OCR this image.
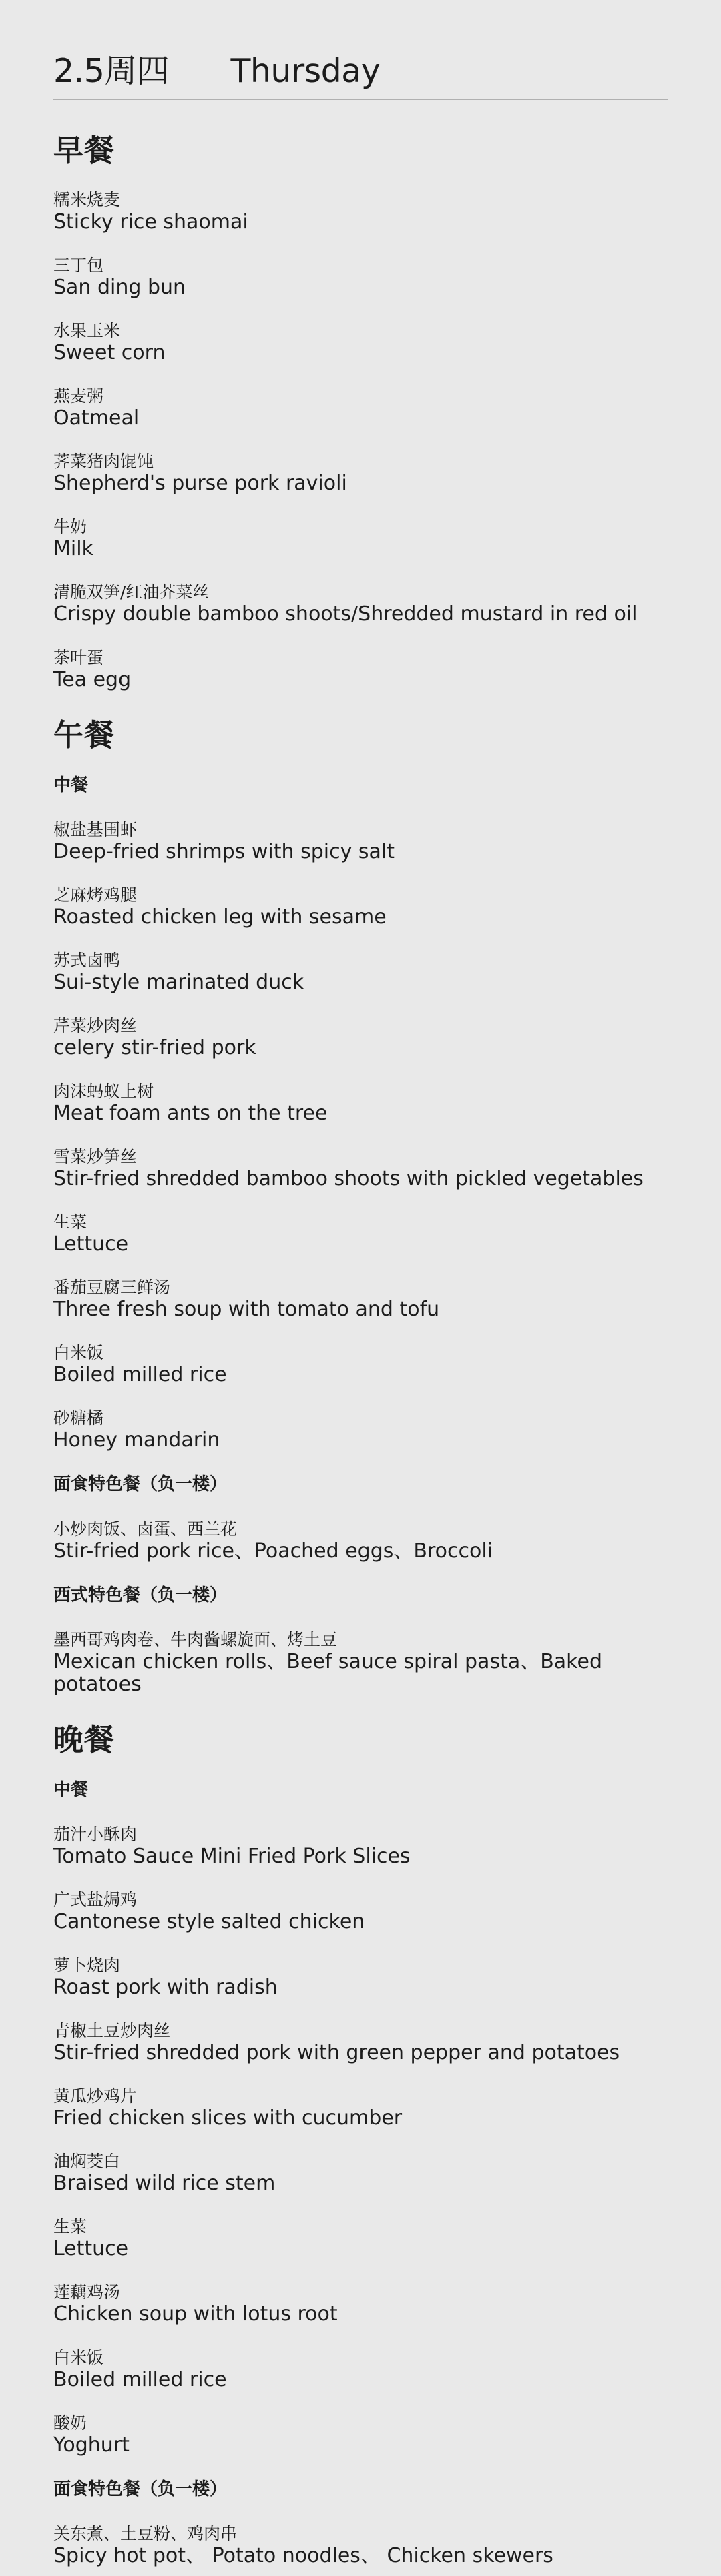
2.5周四 Thursday
早餐
糯米烧麦
Sticky rice shaomai
三丁包
San ding bun
水果玉米
Sweet corn
燕麦粥
Oatmeal
荠菜猪肉馄饨
Shepherd's purse pork ravioli
牛奶
Milk
清脆双笋/红油芥菜丝
Crispy double bamboo shoots/Shredded mustard in red oil
茶叶蛋
Tea egg
午餐
中餐
椒盐基围虾
Deep-fried shrimps with spicy salt
芝麻烤鸡腿
Roasted chicken leg with sesame
苏式卤鸭
Sui-style marinated duck
芹菜炒肉丝
celery stir-fried pork
肉沫蚂蚁上树
Meat foam ants on the tree
雪菜炒笋丝
Stir-fried shredded bamboo shoots with pickled vegetables
生菜
Lettuce
番茄豆腐三鲜汤
Three fresh soup with tomato and tofu
白米饭
Boiled milled rice
砂糖橘
Honey mandarin
面食特色餐（负一楼）
小炒肉饭、卤蛋、西兰花
Stir-fried pork rice、Poached eggs、Broccoli
西式特色餐（负一楼）
墨西哥鸡肉卷、牛肉酱螺旋面、烤土豆
Mexican chicken rolls、Beef sauce spiral pasta、Baked potatoes
晚餐
中餐
茄汁小酥肉
Tomato Sauce Mini Fried Pork Slices
广式盐焗鸡
Cantonese style salted chicken
萝卜烧肉
Roast pork with radish
青椒土豆炒肉丝
Stir-fried shredded pork with green pepper and potatoes
黄瓜炒鸡片
Fried chicken slices with cucumber
油焖茭白
Braised wild rice stem
生菜
Lettuce
莲藕鸡汤
Chicken soup with lotus root
白米饭
Boiled milled rice
酸奶
Yoghurt
面食特色餐（负一楼）
关东煮、土豆粉、鸡肉串
Spicy hot pot、 Potato noodles、 Chicken skewers
